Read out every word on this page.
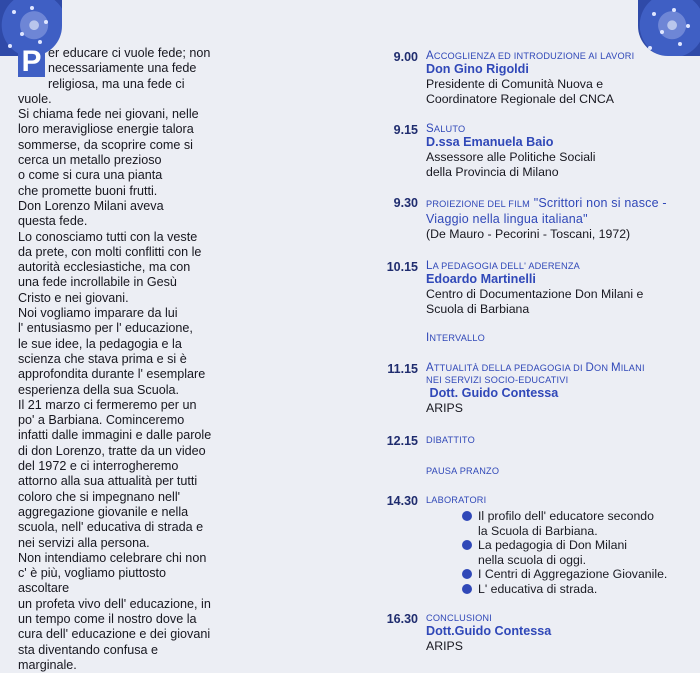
P er educare ci vuole fede; non
necessariamente una fede
religiosa, ma una fede ci vuole.
Si chiama fede nei giovani, nelle
loro meravigliose energie talora
sommerse, da scoprire come si
cerca un metallo prezioso
o come si cura una pianta
che promette buoni frutti.
Don Lorenzo Milani aveva
questa fede.
Lo conosciamo tutti con la veste
da prete, con molti conflitti con le
autorità ecclesiastiche, ma con
una fede incrollabile in Gesù
Cristo e nei giovani.
Noi vogliamo imparare da lui
l' entusiasmo per l' educazione,
le sue idee, la pedagogia e la
scienza che stava prima e si è
approfondita durante l' esemplare
esperienza della sua Scuola.
Il 21 marzo ci fermeremo per un
po' a Barbiana. Cominceremo
infatti dalle immagini e dalle parole
di don Lorenzo, tratte da un video
del 1972 e ci interrogheremo
attorno alla sua attualità per tutti
coloro che si impegnano nell'
aggregazione giovanile e nella
scuola, nell' educativa di strada e
nei servizi alla persona.
Non intendiamo celebrare chi non
c' è più, vogliamo piuttosto ascoltare
un profeta vivo dell' educazione, in
un tempo come il nostro dove la
cura dell' educazione e dei giovani
sta diventando confusa e marginale.

9.00 ACCOGLIENZA ED INTRODUZIONE AI LAVORI
Don Gino Rigoldi
Presidente di Comunità Nuova e
Coordinatore Regionale del CNCA
9.15 SALUTO
D.ssa Emanuela Baio
Assessore alle Politiche Sociali
della Provincia di Milano
9.30 PROIEZIONE DEL FILM "Scrittori non si nasce -
Viaggio nella lingua italiana"
(De Mauro - Pecorini - Toscani, 1972)
10.15 LA PEDAGOGIA DELL' ADERENZA
Edoardo Martinelli
Centro di Documentazione Don Milani e
Scuola di Barbiana
INTERVALLO
11.15 ATTUALITÀ DELLA PEDAGOGIA DI DON MILANI
NEI SERVIZI SOCIO-EDUCATIVI
Dott. Guido Contessa
ARIPS
12.15 DIBATTITO
PAUSA PRANZO
14.30 LABORATORI
Il profilo dell' educatore secondo
la Scuola di Barbiana.
La pedagogia di Don Milani
nella scuola di oggi.
I Centri di Aggregazione Giovanile.
L' educativa di strada.
16.30 CONCLUSIONI
Dott.Guido Contessa
ARIPS
